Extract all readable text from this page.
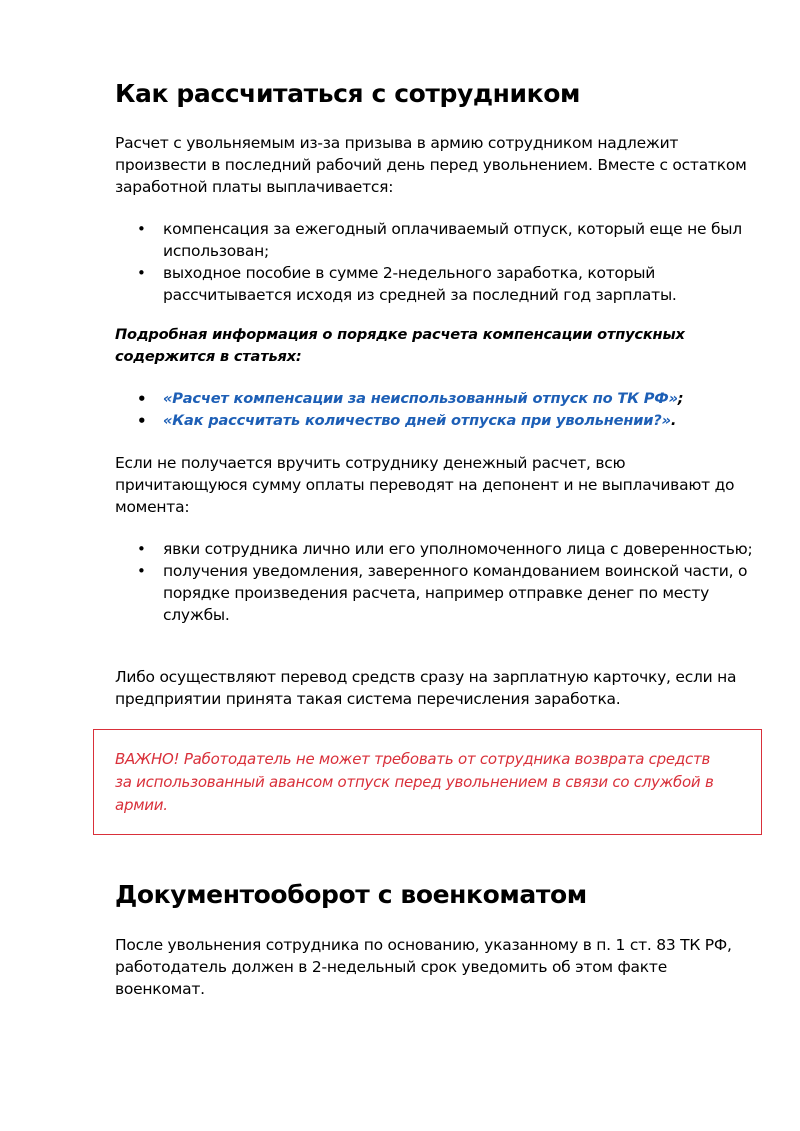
Как рассчитаться с сотрудником

Расчет с увольняемым из-за призыва в армию сотрудником надлежит произвести в последний рабочий день перед увольнением. Вместе с остатком заработной платы выплачивается:

• компенсация за ежегодный оплачиваемый отпуск, который еще не был использован;
• выходное пособие в сумме 2-недельного заработка, который рассчитывается исходя из средней за последний год зарплаты.

Подробная информация о порядке расчета компенсации отпускных содержится в статьях:

• «Расчет компенсации за неиспользованный отпуск по ТК РФ»;
• «Как рассчитать количество дней отпуска при увольнении?».

Если не получается вручить сотруднику денежный расчет, всю причитающуюся сумму оплаты переводят на депонент и не выплачивают до момента:

• явки сотрудника лично или его уполномоченного лица с доверенностью;
• получения уведомления, заверенного командованием воинской части, о порядке произведения расчета, например отправке денег по месту службы.

Либо осуществляют перевод средств сразу на зарплатную карточку, если на предприятии принята такая система перечисления заработка.

ВАЖНО! Работодатель не может требовать от сотрудника возврата средств за использованный авансом отпуск перед увольнением в связи со службой в армии.

Документооборот с военкоматом

После увольнения сотрудника по основанию, указанному в п. 1 ст. 83 ТК РФ, работодатель должен в 2-недельный срок уведомить об этом факте военкомат.
